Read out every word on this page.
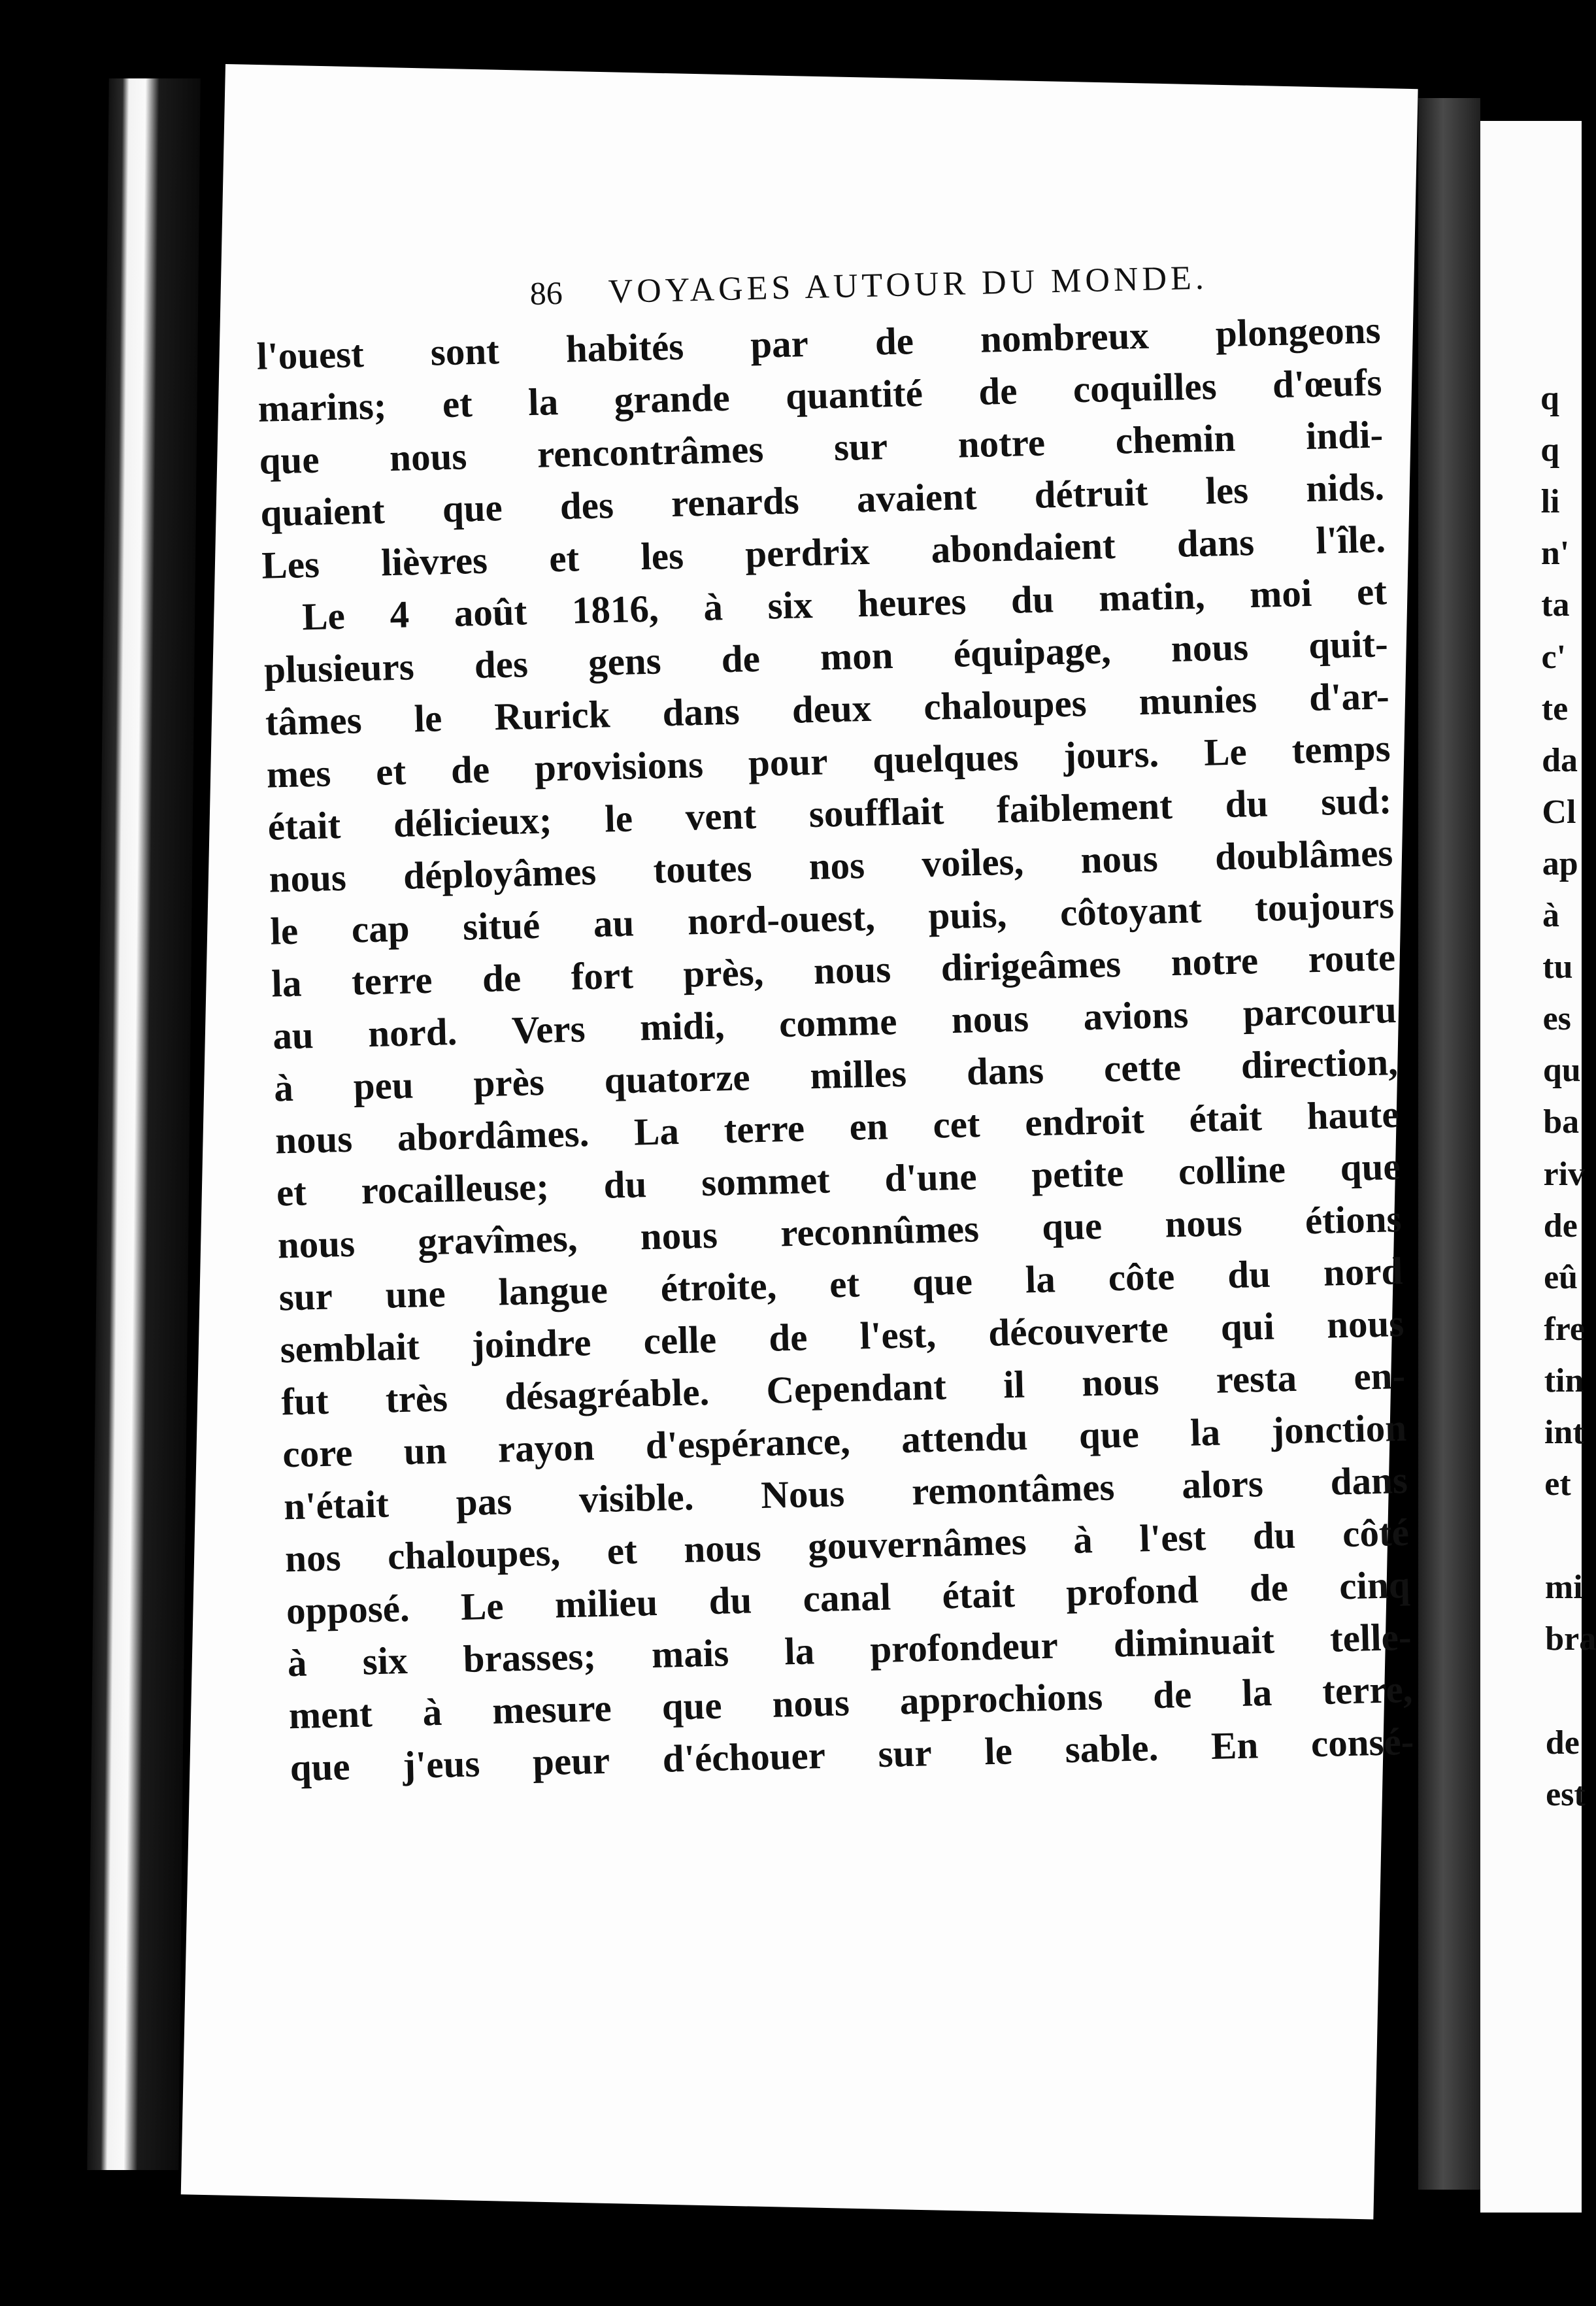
q
q
li
n'
ta
c'
te
da
Cl
ap
à
tu
es
qu
ba
riv
de
eû
fre
tin
int
et
mi
bra
de
est
86 VOYAGES AUTOUR DU MONDE.
l'ouest sont habités par de nombreux plongeons
marins; et la grande quantité de coquilles d'œufs
que nous rencontrâmes sur notre chemin indi-
quaient que des renards avaient détruit les nids.
Les lièvres et les perdrix abondaient dans l'île.
Le 4 août 1816, à six heures du matin, moi et
plusieurs des gens de mon équipage, nous quit-
tâmes le Rurick dans deux chaloupes munies d'ar-
mes et de provisions pour quelques jours. Le temps
était délicieux; le vent soufflait faiblement du sud:
nous déployâmes toutes nos voiles, nous doublâmes
le cap situé au nord-ouest, puis, côtoyant toujours
la terre de fort près, nous dirigeâmes notre route
au nord. Vers midi, comme nous avions parcouru
à peu près quatorze milles dans cette direction,
nous abordâmes. La terre en cet endroit était haute
et rocailleuse; du sommet d'une petite colline que
nous gravîmes, nous reconnûmes que nous étions
sur une langue étroite, et que la côte du nord
semblait joindre celle de l'est, découverte qui nous
fut très désagréable. Cependant il nous resta en-
core un rayon d'espérance, attendu que la jonction
n'était pas visible. Nous remontâmes alors dans
nos chaloupes, et nous gouvernâmes à l'est du côté
opposé. Le milieu du canal était profond de cinq
à six brasses; mais la profondeur diminuait telle-
ment à mesure que nous approchions de la terre,
que j'eus peur d'échouer sur le sable. En consé-
